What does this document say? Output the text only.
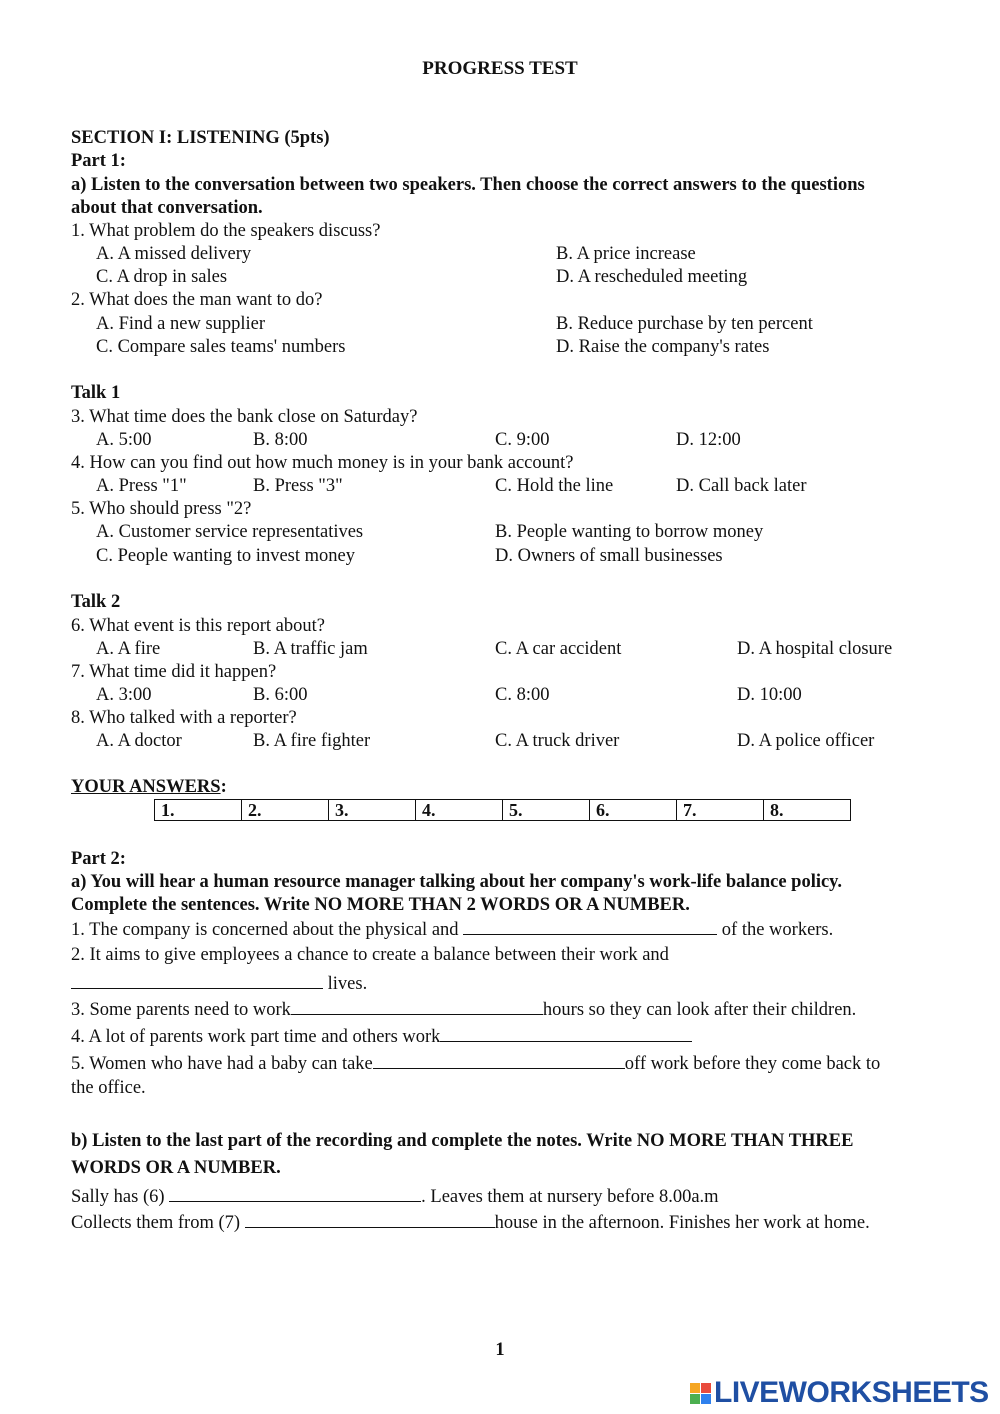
PROGRESS TEST
SECTION I: LISTENING (5pts)
Part 1:
a) Listen to the conversation between two speakers. Then choose the correct answers to the questions
about that conversation.
1. What problem do the speakers discuss?
A. A missed delivery	B. A price increase
C. A drop in sales	D. A rescheduled meeting
2. What does the man want to do?
A. Find a new supplier	B. Reduce purchase by ten percent
C. Compare sales teams' numbers	D. Raise the company's rates
Talk 1
3. What time does the bank close on Saturday?
A. 5:00	B. 8:00	C. 9:00	D. 12:00
4. How can you find out how much money is in your bank account?
A. Press "1"	B. Press "3"	C. Hold the line	D. Call back later
5. Who should press "2?
A. Customer service representatives	B. People wanting to borrow money
C. People wanting to invest money	D. Owners of small businesses
Talk 2
6. What event is this report about?
A. A fire	B. A traffic jam	C. A car accident	D. A hospital closure
7. What time did it happen?
A. 3:00	B. 6:00	C. 8:00	D. 10:00
8. Who talked with a reporter?
A. A doctor	B. A fire fighter	C. A truck driver	D. A police officer
YOUR ANSWERS:
1.	2.	3.	4.	5.	6.	7.	8.
Part 2:
a) You will hear a human resource manager talking about her company's work-life balance policy.
Complete the sentences. Write NO MORE THAN 2 WORDS OR A NUMBER.
1. The company is concerned about the physical and	of the workers.
2. It aims to give employees a chance to create a balance between their work and
lives.
3. Some parents need to work	hours so they can look after their children.
4. A lot of parents work part time and others work
5. Women who have had a baby can take	off work before they come back to
the office.
b) Listen to the last part of the recording and complete the notes. Write NO MORE THAN THREE
WORDS OR A NUMBER.
Sally has (6)	. Leaves them at nursery before 8.00a.m
Collects them from (7)	house in the afternoon. Finishes her work at home.
1
LIVEWORKSHEETS
